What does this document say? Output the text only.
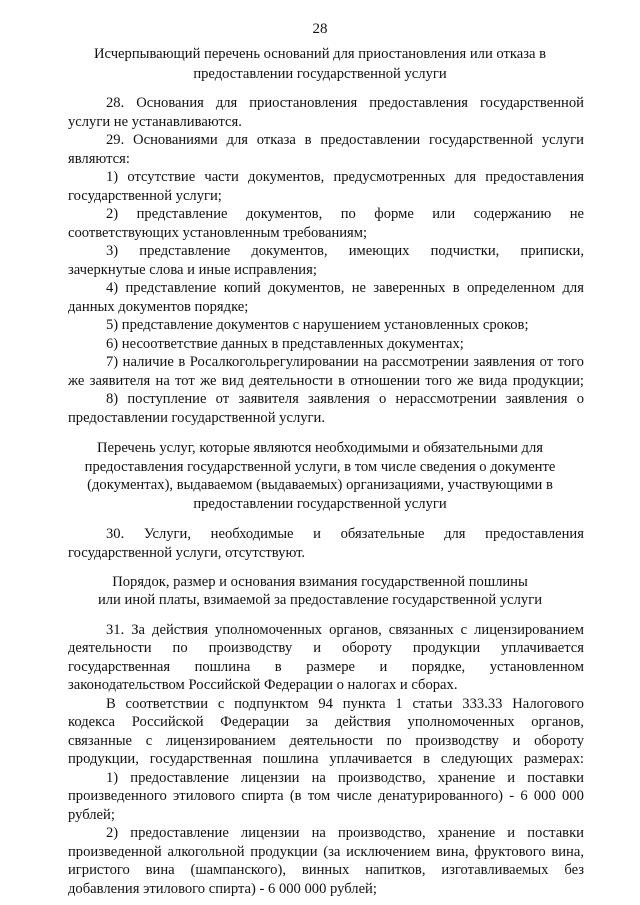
28
Исчерпывающий перечень оснований для приостановления или отказа в
предоставлении государственной услуги
28. Основания для приостановления предоставления государственной
услуги не устанавливаются.
29. Основаниями для отказа в предоставлении государственной услуги
являются:
1) отсутствие части документов, предусмотренных для предоставления
государственной услуги;
2) представление документов, по форме или содержанию не
соответствующих установленным требованиям;
3) представление документов, имеющих подчистки, приписки,
зачеркнутые слова и иные исправления;
4) представление копий документов, не заверенных в определенном для
данных документов порядке;
5) представление документов с нарушением установленных сроков;
6) несоответствие данных в представленных документах;
7) наличие в Росалкогольрегулировании на рассмотрении заявления от того
же заявителя на тот же вид деятельности в отношении того же вида продукции;
8) поступление от заявителя заявления о нерассмотрении заявления о
предоставлении государственной услуги.
Перечень услуг, которые являются необходимыми и обязательными для
предоставления государственной услуги, в том числе сведения о документе
(документах), выдаваемом (выдаваемых) организациями, участвующими в
предоставлении государственной услуги
30. Услуги, необходимые и обязательные для предоставления
государственной услуги, отсутствуют.
Порядок, размер и основания взимания государственной пошлины
или иной платы, взимаемой за предоставление государственной услуги
31. За действия уполномоченных органов, связанных с лицензированием
деятельности по производству и обороту продукции уплачивается
государственная пошлина в размере и порядке, установленном
законодательством Российской Федерации о налогах и сборах.
В соответствии с подпунктом 94 пункта 1 статьи 333.33 Налогового
кодекса Российской Федерации за действия уполномоченных органов,
связанные с лицензированием деятельности по производству и обороту
продукции, государственная пошлина уплачивается в следующих размерах:
1) предоставление лицензии на производство, хранение и поставки
произведенного этилового спирта (в том числе денатурированного) - 6 000 000
рублей;
2) предоставление лицензии на производство, хранение и поставки
произведенной алкогольной продукции (за исключением вина, фруктового вина,
игристого вина (шампанского), винных напитков, изготавливаемых без
добавления этилового спирта) - 6 000 000 рублей;
